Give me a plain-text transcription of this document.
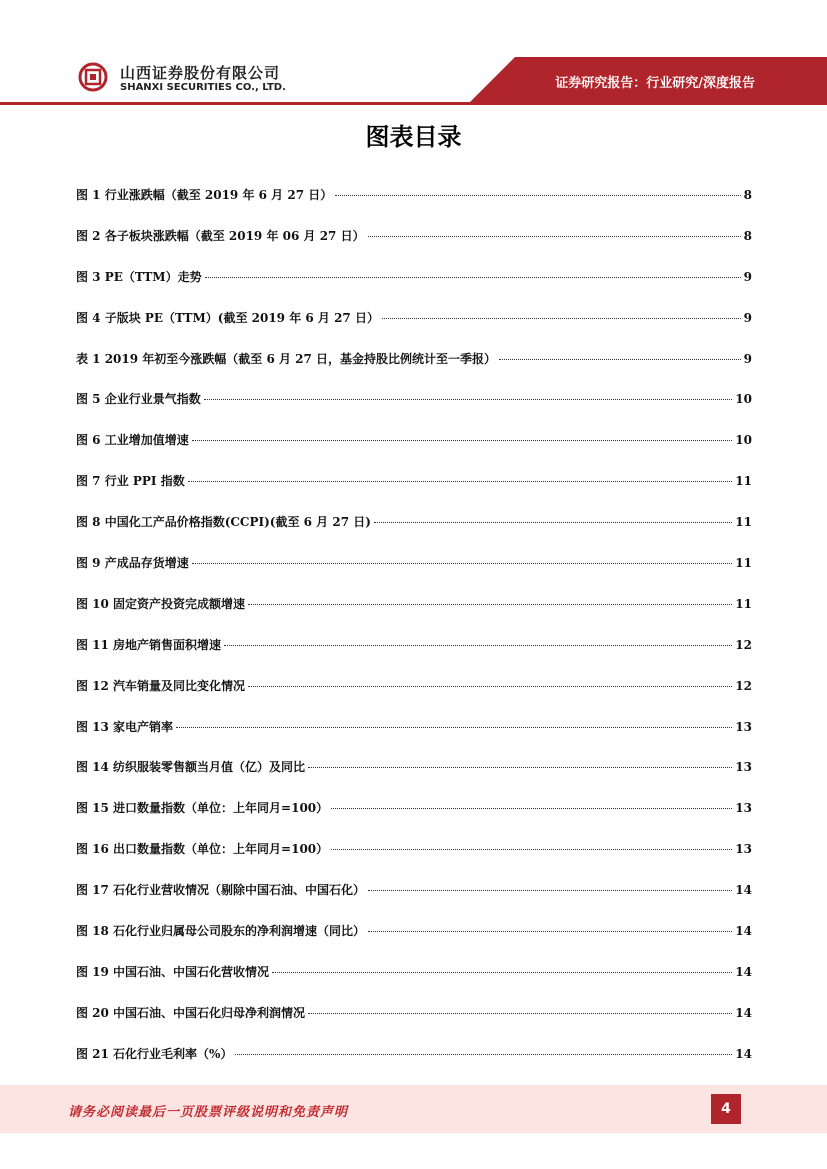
山西证券股份有限公司
SHANXI SECURITIES CO., LTD.	证券研究报告：行业研究/深度报告
图表目录
图 1 行业涨跌幅（截至 2019 年 6 月 27 日）	8
图 2 各子板块涨跌幅（截至 2019 年 06 月 27 日）	8
图 3 PE（TTM）走势	9
图 4 子版块 PE（TTM）(截至 2019 年 6 月 27 日）	9
表 1 2019 年初至今涨跌幅（截至 6 月 27 日，基金持股比例统计至一季报）	9
图 5 企业行业景气指数	10
图 6 工业增加值增速	10
图 7 行业 PPI 指数	11
图 8 中国化工产品价格指数(CCPI)(截至 6 月 27 日)	11
图 9 产成品存货增速	11
图 10 固定资产投资完成额增速	11
图 11 房地产销售面积增速	12
图 12 汽车销量及同比变化情况	12
图 13 家电产销率	13
图 14 纺织服装零售额当月值（亿）及同比	13
图 15 进口数量指数（单位：上年同月=100）	13
图 16 出口数量指数（单位：上年同月=100）	13
图 17 石化行业营收情况（剔除中国石油、中国石化）	14
图 18 石化行业归属母公司股东的净利润增速（同比）	14
图 19 中国石油、中国石化营收情况	14
图 20 中国石油、中国石化归母净利润情况	14
图 21 石化行业毛利率（%）	14
请务必阅读最后一页股票评级说明和免责声明	4
